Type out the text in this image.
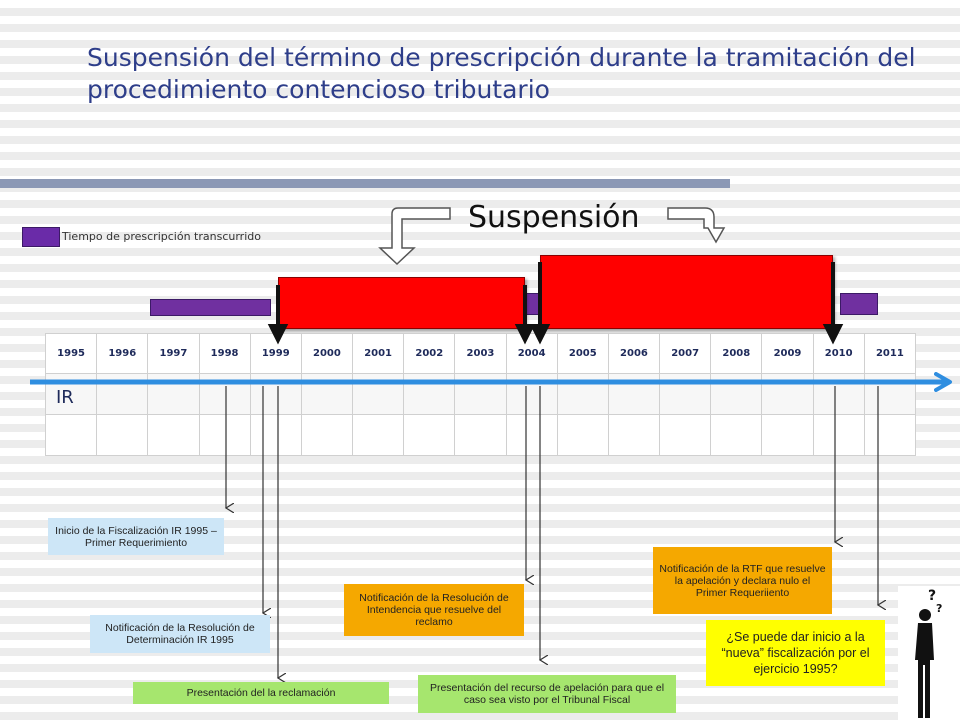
Suspensión del término de prescripción durante la tramitación del procedimiento contencioso tributario
Tiempo de prescripción transcurrido
Suspensión
1995	1996	1997	1998	1999	2000	2001	2002	2003	2004	2005	2006	2007	2008	2009	2010	2011

IR
?
?
Inicio de la Fiscalización IR 1995 – Primer Requerimiento
Notificación de la Resolución de Determinación IR 1995
Presentación del la reclamación
Notificación de la Resolución de Intendencia que resuelve del reclamo
Presentación del recurso de apelación para que el caso sea visto por el Tribunal Fiscal
Notificación de la RTF que resuelve la apelación y declara nulo el Primer Requeriiento
¿Se puede dar inicio a la “nueva” fiscalización por el ejercicio 1995?
